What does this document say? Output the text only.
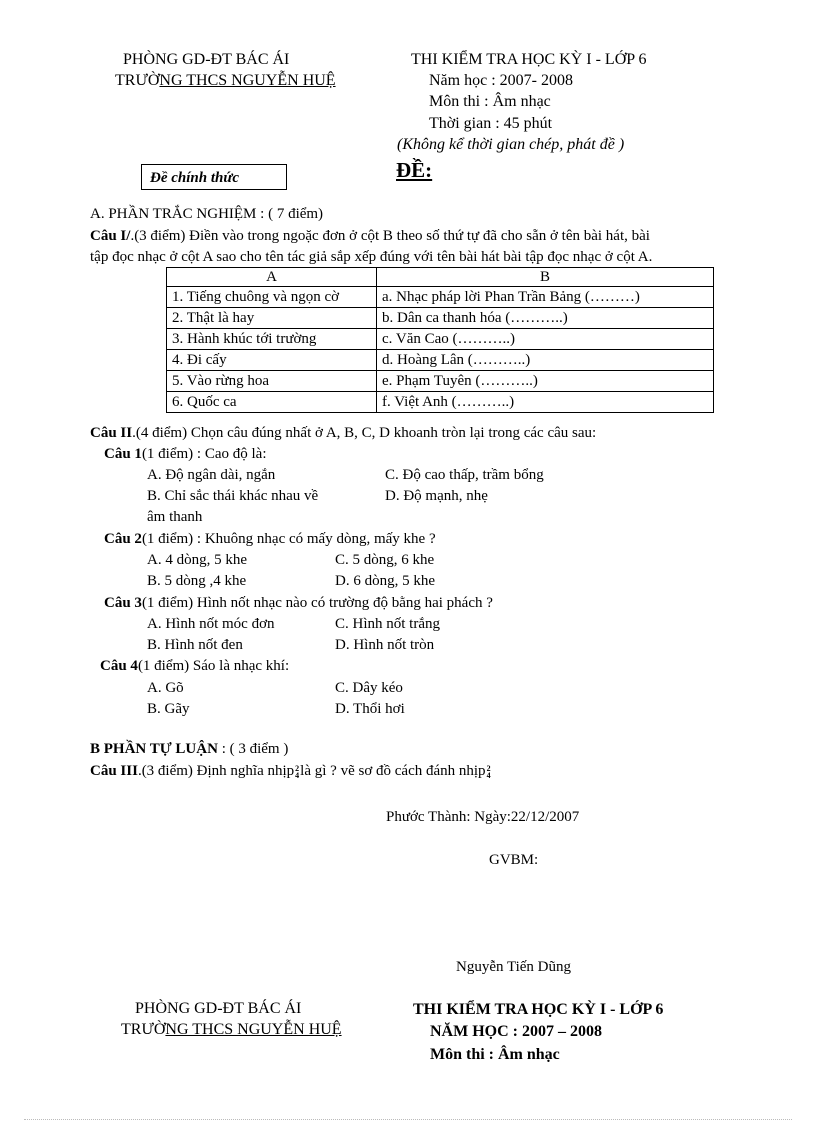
PHÒNG GD-ĐT BÁC ÁI
TRƯỜNG THCS NGUYỄN HUỆ
THI KIỂM TRA HỌC KỲ I - LỚP 6
Năm học : 2007- 2008
Môn thi : Âm nhạc
Thời gian : 45 phút
(Không kể thời gian chép, phát đề )
Đề chính thức	ĐỀ:
A. PHẦN TRẮC NGHIỆM : ( 7 điểm)
Câu I/.(3 điểm) Điền vào trong ngoặc đơn ở cột B theo số thứ tự đã cho sẵn ở tên bài hát, bài
tập đọc nhạc ở cột A sao cho tên tác giả sắp xếp đúng với tên bài hát bài tập đọc nhạc ở cột A.
A	B
1. Tiếng chuông và ngọn cờ	a. Nhạc pháp lời Phan Trần Bảng (………)
2. Thật là hay	b. Dân ca thanh hóa (………..)
3. Hành khúc tới trường	c. Văn Cao (………..)
4. Đi cấy	d. Hoàng Lân (………..)
5. Vào rừng hoa	e. Phạm Tuyên (………..)
6. Quốc ca	f. Việt Anh (………..)
Câu II.(4 điểm) Chọn câu đúng nhất ở A, B, C, D khoanh tròn lại trong các câu sau:
Câu 1(1 điểm) : Cao độ là:
A. Độ ngân dài, ngắn	C. Độ cao thấp, trầm bổng
B. Chỉ sắc thái khác nhau về	D. Độ mạnh, nhẹ
âm thanh
Câu 2(1 điểm) : Khuông nhạc có mấy dòng, mấy khe ?
A. 4 dòng, 5 khe	C. 5 dòng, 6 khe
B. 5 dòng ,4 khe	D. 6 dòng, 5 khe
Câu 3(1 điểm) Hình nốt nhạc nào có trường độ bằng hai phách ?
A. Hình nốt móc đơn	C. Hình nốt trắng
B. Hình nốt đen	D. Hình nốt tròn
Câu 4(1 điểm) Sáo là nhạc khí:
A. Gõ	C. Dây kéo
B. Gãy	D. Thổi hơi
B PHẦN TỰ LUẬN : ( 3 điểm )
Câu III.(3 điểm) Định nghĩa nhịp2
4là gì ? vẽ sơ đồ cách đánh nhịp2
4
Phước Thành: Ngày:22/12/2007
GVBM:
Nguyễn Tiến Dũng
PHÒNG GD-ĐT BÁC ÁI
TRƯỜNG THCS NGUYỄN HUỆ
THI KIỂM TRA HỌC KỲ I - LỚP 6
NĂM HỌC : 2007 – 2008
Môn thi : Âm nhạc
